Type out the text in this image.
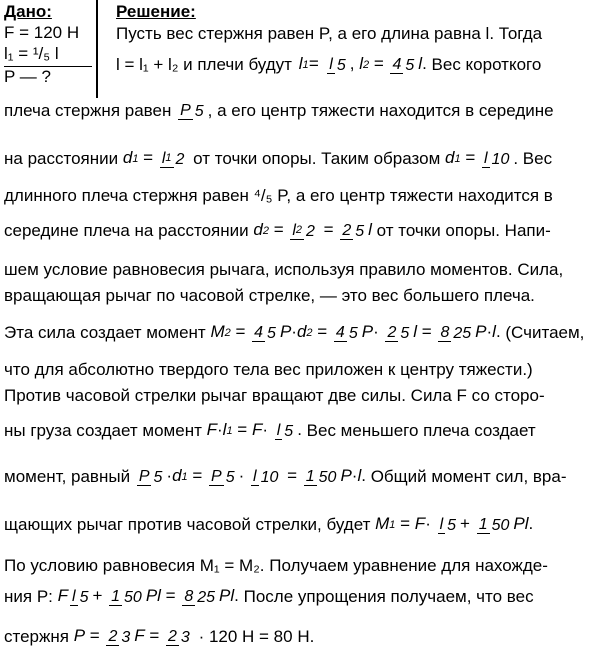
Дано:
F = 120 Н
l₁ = ¹/₅ l
P — ?
Решение:
Пусть вес стержня равен P, а его длина равна l. Тогда
l = l₁ + l₂ и плечи будут l1= l 5 , l2 = 4 5 l. Вес короткого
плеча стержня равен P 5 , а его центр тяжести находится в середине
на расстоянии d1 = l1 2 от точки опоры. Таким образом d1 = l 10 . Вес
длинного плеча стержня равен ⁴/₅ P, а его центр тяжести находится в
середине плеча на расстоянии d2 = l2 2 = 2 5 l от точки опоры. Напи-
шем условие равновесия рычага, используя правило моментов. Сила,
вращающая рычаг по часовой стрелке, — это вес большего плеча.
Эта сила создает момент M2 = 4 5 P·d2 = 4 5 P· 2 5 l = 8 25 P·l. (Считаем,
что для абсолютно твердого тела вес приложен к центру тяжести.)
Против часовой стрелки рычаг вращают две силы. Сила F со сторо-
ны груза создает момент F·l1 = F· l 5 . Вес меньшего плеча создает
момент, равный P 5 ·d1 = P 5 · l 10 = 1 50 P·l. Общий момент сил, вра-
щающих рычаг против часовой стрелки, будет M1 = F· l 5 + 1 50 Pl.
По условию равновесия M₁ = M₂. Получаем уравнение для нахожде-
ния P: F l 5 + 1 50 Pl = 8 25 Pl. После упрощения получаем, что вес
стержня P = 2 3 F = 2 3 · 120 Н = 80 Н.
